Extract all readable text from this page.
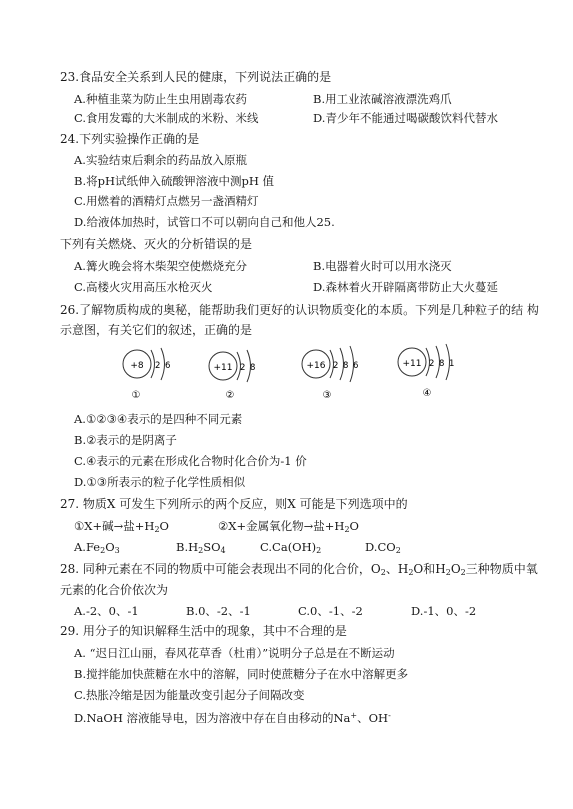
23.食品安全关系到人民的健康，下列说法正确的是
A.种植韭菜为防止生虫用剧毒农药	B.用工业浓碱溶液漂洗鸡爪
C.食用发霉的大米制成的米粉、米线	D.青少年不能通过喝碳酸饮料代替水
24.下列实验操作正确的是
A.实验结束后剩余的药品放入原瓶
B.将pH试纸伸入硫酸钾溶液中测pH 值
C.用燃着的酒精灯点燃另一盏酒精灯
D.给液体加热时，试管口不可以朝向自己和他人25.
下列有关燃烧、灭火的分析错误的是
A.篝火晚会将木柴架空使燃烧充分	B.电器着火时可以用水浇灭
C.高楼火灾用高压水枪灭火	D.森林着火开辟隔离带防止大火蔓延
26.了解物质构成的奥秘，能帮助我们更好的认识物质变化的本质。下列是几种粒子的结 构
示意图，有关它们的叙述，正确的是
+8 2 6
①
+11 2 8
②
+16 2 8 6
③
+11 2 8 1
④
A.①②③④表示的是四种不同元素
B.②表示的是阴离子
C.④表示的元素在形成化合物时化合价为-1 价
D.①③所表示的粒子化学性质相似
27. 物质X 可发生下列所示的两个反应，则X 可能是下列选项中的
①X+碱→盐$+H_2O$	②X+金属氧化物→盐$+H_2O$
$A.Fe_2O_3$	$B.H_2SO_4$	$C.Ca(OH)_2$	$D.CO_2$
28. 同种元素在不同的物质中可能会表现出不同的化合价，$O_2$、$H_2O$和$H_2O_2$三种物质中氧
元素的化合价依次为
A.-2、0、-1	B.0、-2、-1	C.0、-1、-2	D.-1、0、-2
29. 用分子的知识解释生活中的现象，其中不合理的是
A. “迟日江山丽，春风花草香（杜甫）”说明分子总是在不断运动
B.搅拌能加快蔗糖在水中的溶解，同时使蔗糖分子在水中溶解更多
C.热胀冷缩是因为能量改变引起分子间隔改变
D.NaOH 溶液能导电，因为溶液中存在自由移动的Na+、OH-
